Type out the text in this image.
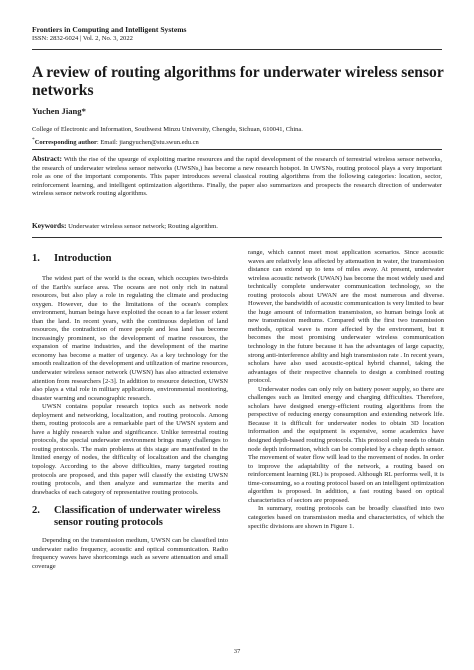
Frontiers in Computing and Intelligent Systems
ISSN: 2832-6024 | Vol. 2, No. 3, 2022
A review of routing algorithms for underwater wireless sensor networks
Yuchen Jiang*
College of Electronic and Information, Southwest Minzu University, Chengdu, Sichuan, 610041, China.
*Corresponding author: Email: jiangyuchen@stu.swun.edu.cn
Abstract: With the rise of the upsurge of exploiting marine resources and the rapid development of the research of terrestrial wireless sensor networks, the research of underwater wireless sensor networks (UWSNs,) has become a new research hotspot. In UWSNs, routing protocol plays a very important role as one of the important components. This paper introduces several classical routing algorithms from the following categories: location, sector, reinforcement learning, and intelligent optimization algorithms. Finally, the paper also summarizes and prospects the research direction of underwater wireless sensor network routing algorithms.
Keywords: Underwater wireless sensor network; Routing algorithm.
1.	Introduction

The widest part of the world is the ocean, which occupies two-thirds of the Earth's surface area. The oceans are not only rich in natural resources, but also play a role in regulating the climate and producing oxygen. However, due to the limitations of the ocean's complex environment, human beings have exploited the ocean to a far lesser extent than the land. In recent years, with the continuous depletion of land resources, the contradiction of more people and less land has become increasingly prominent, so the development of marine resources, the expansion of marine industries, and the development of the marine economy has become a matter of urgency. As a key technology for the smooth realization of the development and utilization of marine resources, underwater wireless sensor network (UWSN) has also attracted extensive attention from researchers [2-3]. In addition to resource detection, UWSN also plays a vital role in military applications, environmental monitoring, disaster warning and oceanographic research.

UWSN contains popular research topics such as network node deployment and networking, localization, and routing protocols. Among them, routing protocols are a remarkable part of the UWSN system and have a highly research value and significance. Unlike terrestrial routing protocols, the special underwater environment brings many challenges to routing protocols. The main problems at this stage are manifested in the limited energy of nodes, the difficulty of localization and the changing topology. According to the above difficulties, many targeted routing protocols are proposed, and this paper will classify the existing UWSN routing protocols, and then analyze and summarize the merits and drawbacks of each category of representative routing protocols.

2.	Classification of underwater wireless sensor routing protocols

Depending on the transmission medium, UWSN can be classified into underwater radio frequency, acoustic and optical communication. Radio frequency waves have shortcomings such as severe attenuation and small coverage

range, which cannot meet most application scenarios. Since acoustic waves are relatively less affected by attenuation in water, the transmission distance can extend up to tens of miles away. At present, underwater wireless acoustic network (UWAN) has become the most widely used and technically complete underwater communication technology, so the routing protocols about UWAN are the most numerous and diverse. However, the bandwidth of acoustic communication is very limited to bear the huge amount of information transmission, so human beings look at new transmission mediums. Compared with the first two transmission methods, optical wave is more affected by the environment, but it becomes the most promising underwater wireless communication technology in the future because it has the advantages of large capacity, strong anti-interference ability and high transmission rate . In recent years, scholars have also used acoustic-optical hybrid channel, taking the advantages of their respective channels to design a combined routing protocol.

Underwater nodes can only rely on battery power supply, so there are challenges such as limited energy and charging difficulties. Therefore, scholars have designed energy-efficient routing algorithms from the perspective of reducing energy consumption and extending network life. Because it is difficult for underwater nodes to obtain 3D location information and the equipment is expensive, some academics have designed depth-based routing protocols. This protocol only needs to obtain node depth information, which can be completed by a cheap depth sensor. The movement of water flow will lead to the movement of nodes. In order to improve the adaptability of the network, a routing based on reinforcement learning (RL) is proposed. Although RL performs well, it is time-consuming, so a routing protocol based on an intelligent optimization algorithm is proposed. In addition, a fast routing based on optical characteristics of sectors are proposed.

In summary, routing protocols can be broadly classified into two categories based on transmission media and characteristics, of which the specific divisions are shown in Figure 1.

37
